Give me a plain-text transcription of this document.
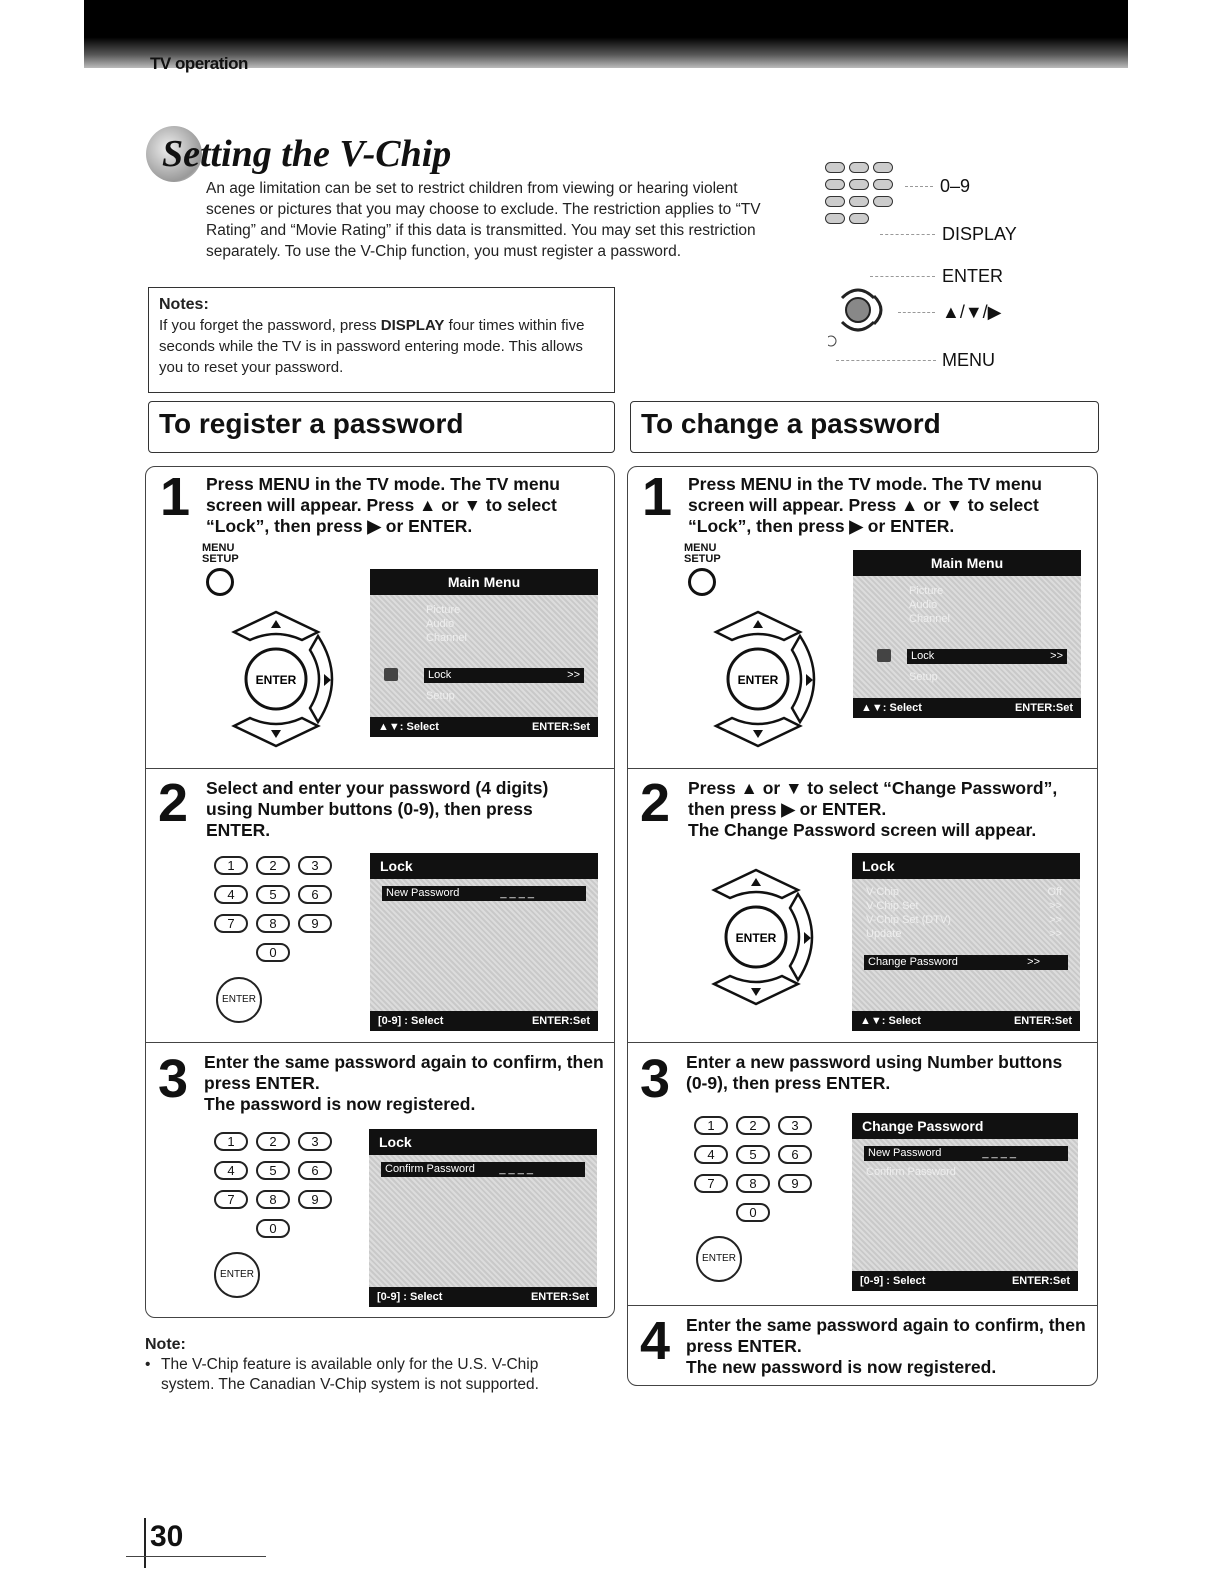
TV operation
Setting the V-Chip
An age limitation can be set to restrict children from viewing or hearing violent scenes or pictures that you may choose to exclude. The restriction applies to “TV Rating” and “Movie Rating” if this data is transmitted. You may set this restriction separately. To use the V-Chip function, you must register a password.
Notes:
If you forget the password, press DISPLAY four times within five seconds while the TV is in password entering mode. This allows you to reset your password.
0–9
DISPLAY
ENTER
▲/▼/▶
MENU
To register a password	To change a password
1 Press MENU in the TV mode. The TV menu screen will appear. Press ▲ or ▼ to select “Lock”, then press ▶ or ENTER.
MENU
SETUP
ENTER
Main Menu
Picture
Audio
Channel
Lock	>>
Setup
▲▼: Select	ENTER:Set
2 Select and enter your password (4 digits) using Number buttons (0-9), then press ENTER.
1	2	3
4	5	6
7	8	9
0
ENTER
Lock
New Password	_ _ _ _
[0-9] : Select	ENTER:Set
3 Enter the same password again to confirm, then press ENTER.
The password is now registered.
1	2	3
4	5	6
7	8	9
0
ENTER
Lock
Confirm Password _ _ _ _
[0-9] : Select	ENTER:Set
1 Press MENU in the TV mode. The TV menu screen will appear. Press ▲ or ▼ to select “Lock”, then press ▶ or ENTER.
MENU
SETUP
ENTER
Main Menu
Picture
Audio
Channel
Lock	>>
Setup
▲▼: Select	ENTER:Set
2 Press ▲ or ▼ to select “Change Password”, then press ▶ or ENTER.
The Change Password screen will appear.
ENTER
Lock
V-Chip	Off
V-Chip Set	>>
V-Chip Set (DTV)	>>
Update	>>
Change Password	>>
▲▼: Select	ENTER:Set
3 Enter a new password using Number buttons (0-9), then press ENTER.
1	2	3
4	5	6
7	8	9
0
ENTER
Change Password
New Password	_ _ _ _
Confirm Password
[0-9] : Select	ENTER:Set
4 Enter the same password again to confirm, then press ENTER.
The new password is now registered.
Note:
• The V-Chip feature is available only for the U.S. V-Chip system. The Canadian V-Chip system is not supported.
30
